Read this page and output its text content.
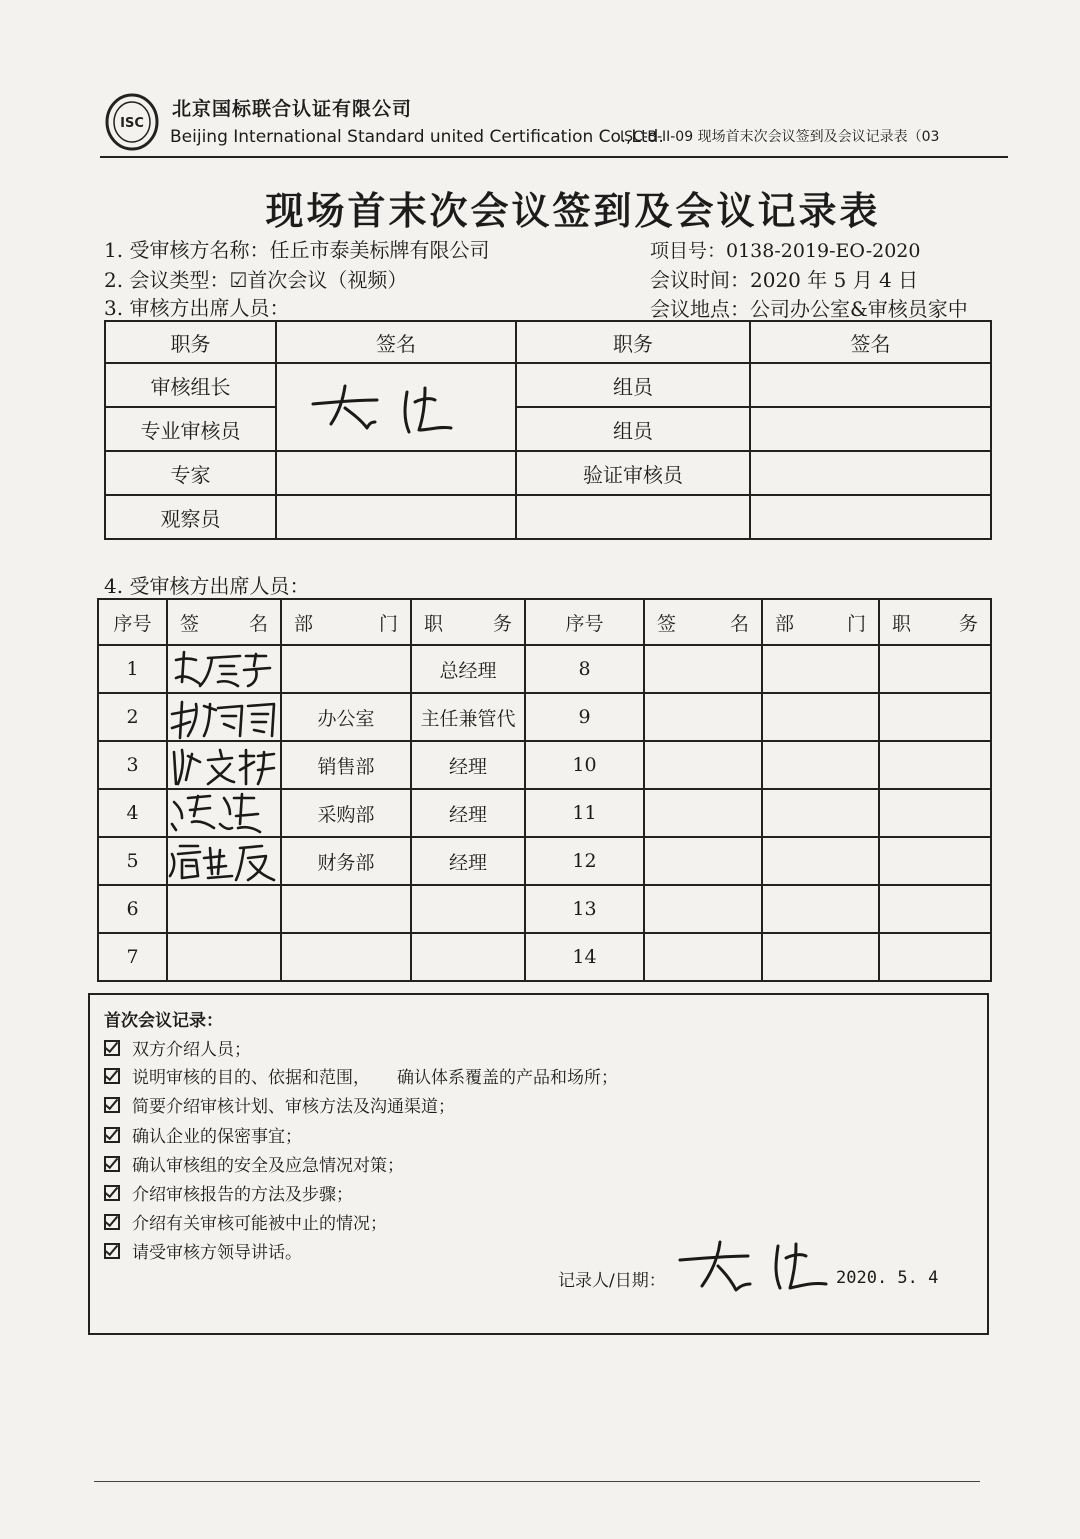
ISC
北京国标联合认证有限公司
Beijing International Standard united Certification Co.,Ltd.
ISC-B-II-09 现场首末次会议签到及会议记录表（03
现场首末次会议签到及会议记录表
1. 受审核方名称：任丘市泰美标牌有限公司
2. 会议类型：☑首次会议（视频）
3. 审核方出席人员：
项目号：0138-2019-EO-2020
会议时间：2020 年 5 月 4 日
会议地点：公司办公室&审核员家中
职务	签名	职务	签名
审核组长		组员	
专业审核员		组员	
专家		验证审核员	
观察员			
4. 受审核方出席人员：
序号	签 名	部 门	职 务	序号	签 名	部 门	职 务

1			总经理	8			
2		办公室	主任兼管代	9			
3		销售部	经理	10			
4		采购部	经理	11			
5		财务部	经理	12			
6				13			
7				14			
首次会议记录：
双方介绍人员；
说明审核的目的、依据和范围，     确认体系覆盖的产品和场所；
简要介绍审核计划、审核方法及沟通渠道；
确认企业的保密事宜；
确认审核组的安全及应急情况对策；
介绍审核报告的方法及步骤；
介绍有关审核可能被中止的情况；
请受审核方领导讲话。
记录人/日期：	2020. 5. 4
